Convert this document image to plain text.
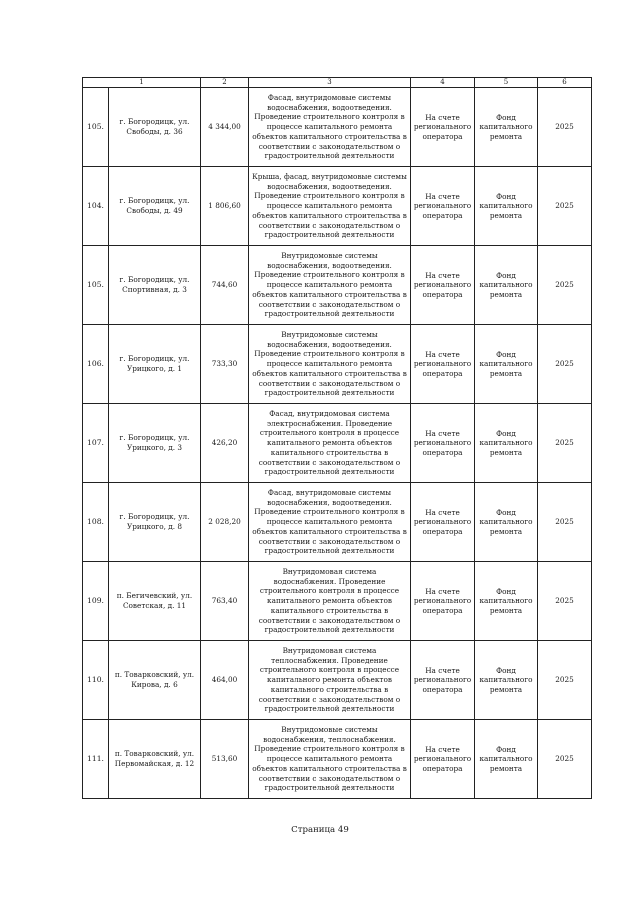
1		2	3	4	5	6
105.	г. Богородицк, ул. Свободы, д. 36	4 344,00	Фасад, внутридомовые системы водоснабжения, водоотведения. Проведение строительного контроля в процессе капитального ремонта объектов капитального строительства в соответствии с законодательством о градостроительной деятельности	На счете регионального оператора	Фонд капитального ремонта	2025
104.	г. Богородицк, ул. Свободы, д. 49	1 806,60	Крыша, фасад, внутридомовые системы водоснабжения, водоотведения. Проведение строительного контроля в процессе капитального ремонта объектов капитального строительства в соответствии с законодательством о градостроительной деятельности	На счете регионального оператора	Фонд капитального ремонта	2025
105.	г. Богородицк, ул. Спортивная, д. 3	744,60	Внутридомовые системы водоснабжения, водоотведения. Проведение строительного контроля в процессе капитального ремонта объектов капитального строительства в соответствии с законодательством о градостроительной деятельности	На счете регионального оператора	Фонд капитального ремонта	2025
106.	г. Богородицк, ул. Урицкого, д. 1	733,30	Внутридомовые системы водоснабжения, водоотведения. Проведение строительного контроля в процессе капитального ремонта объектов капитального строительства в соответствии с законодательством о градостроительной деятельности	На счете регионального оператора	Фонд капитального ремонта	2025
107.	г. Богородицк, ул. Урицкого, д. 3	426,20	Фасад, внутридомовая система электроснабжения. Проведение строительного контроля в процессе капитального ремонта объектов капитального строительства в соответствии с законодательством о градостроительной деятельности	На счете регионального оператора	Фонд капитального ремонта	2025
108.	г. Богородицк, ул. Урицкого, д. 8	2 028,20	Фасад, внутридомовые системы водоснабжения, водоотведения. Проведение строительного контроля в процессе капитального ремонта объектов капитального строительства в соответствии с законодательством о градостроительной деятельности	На счете регионального оператора	Фонд капитального ремонта	2025
109.	п. Бегичевский, ул. Советская, д. 11	763,40	Внутридомовая система водоснабжения. Проведение строительного контроля в процессе капитального ремонта объектов капитального строительства в соответствии с законодательством о градостроительной деятельности	На счете регионального оператора	Фонд капитального ремонта	2025
110.	п. Товарковский, ул. Кирова, д. 6	464,00	Внутридомовая система теплоснабжения. Проведение строительного контроля в процессе капитального ремонта объектов капитального строительства в соответствии с законодательством о градостроительной деятельности	На счете регионального оператора	Фонд капитального ремонта	2025
111.	п. Товарковский, ул. Первомайская, д. 12	513,60	Внутридомовые системы водоснабжения, теплоснабжения. Проведение строительного контроля в процессе капитального ремонта объектов капитального строительства в соответствии с законодательством о градостроительной деятельности	На счете регионального оператора	Фонд капитального ремонта	2025
Страница 49
